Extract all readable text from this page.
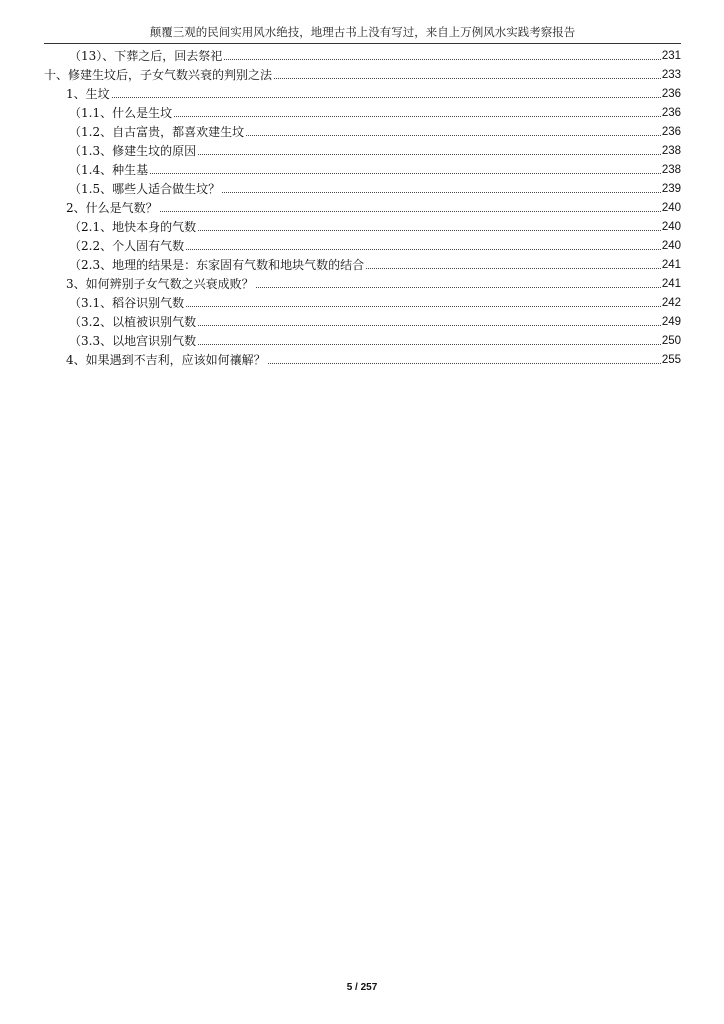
颠覆三观的民间实用风水绝技，地理古书上没有写过，来自上万例风水实践考察报告
（13）、下葬之后，回去祭祀	231
十、修建生坟后，子女气数兴衰的判别之法	233
1、生坟	236
（1.1、什么是生坟	236
（1.2、自古富贵，都喜欢建生坟	236
（1.3、修建生坟的原因	238
（1.4、种生基	238
（1.5、哪些人适合做生坟？	239
2、什么是气数？	240
（2.1、地快本身的气数	240
（2.2、个人固有气数	240
（2.3、地理的结果是：东家固有气数和地块气数的结合	241
3、如何辨别子女气数之兴衰成败？	241
（3.1、稻谷识别气数	242
（3.2、以植被识别气数	249
（3.3、以地宫识别气数	250
4、如果遇到不吉利，应该如何禳解？	255
5 / 257
